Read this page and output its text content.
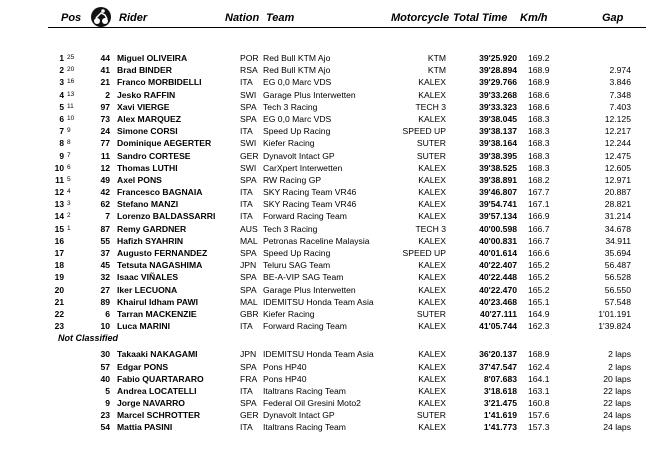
Pos	Rider	Nation Team	Motorcycle Total Time Km/h	Gap
1 25	44 Miguel OLIVEIRA	POR Red Bull KTM Ajo	KTM	39'25.920 169.2
2 20	41 Brad BINDER	RSA Red Bull KTM Ajo	KTM	39'28.894 168.9	2.974
3 16	21 Franco MORBIDELLI	ITA EG 0,0 Marc VDS	KALEX	39'29.766 168.9	3.846
4 13	2 Jesko RAFFIN	SWI Garage Plus Interwetten	KALEX	39'33.268 168.6	7.348
5 11	97 Xavi VIERGE	SPA Tech 3 Racing	TECH 3	39'33.323 168.6	7.403
6 10	73 Alex MARQUEZ	SPA EG 0,0 Marc VDS	KALEX	39'38.045 168.3	12.125
7 9	24 Simone CORSI	ITA Speed Up Racing	SPEED UP	39'38.137 168.3	12.217
8 8	77 Dominique AEGERTER	SWI Kiefer Racing	SUTER	39'38.164 168.3	12.244
9 7	11 Sandro CORTESE	GER Dynavolt Intact GP	SUTER	39'38.395 168.3	12.475
10 6	12 Thomas LUTHI	SWI CarXpert Interwetten	KALEX	39'38.525 168.3	12.605
11 5	49 Axel PONS	SPA RW Racing GP	KALEX	39'38.891 168.2	12.971
12 4	42 Francesco BAGNAIA	ITA SKY Racing Team VR46	KALEX	39'46.807 167.7	20.887
13 3	62 Stefano MANZI	ITA SKY Racing Team VR46	KALEX	39'54.741 167.1	28.821
14 2	7 Lorenzo BALDASSARRI	ITA Forward Racing Team	KALEX	39'57.134 166.9	31.214
15 1	87 Remy GARDNER	AUS Tech 3 Racing	TECH 3	40'00.598 166.7	34.678
16	55 Hafizh SYAHRIN	MAL Petronas Raceline Malaysia	KALEX	40'00.831 166.7	34.911
17	37 Augusto FERNANDEZ	SPA Speed Up Racing	SPEED UP	40'01.614 166.6	35.694
18	45 Tetsuta NAGASHIMA	JPN Teluru SAG Team	KALEX	40'22.407 165.2	56.487
19	32 Isaac VIÑALES	SPA BE-A-VIP SAG Team	KALEX	40'22.448 165.2	56.528
20	27 Iker LECUONA	SPA Garage Plus Interwetten	KALEX	40'22.470 165.2	56.550
21	89 Khairul Idham PAWI	MAL IDEMITSU Honda Team Asia	KALEX	40'23.468 165.1	57.548
22	6 Tarran MACKENZIE	GBR Kiefer Racing	SUTER	40'27.111 164.9	1'01.191
23	10 Luca MARINI	ITA Forward Racing Team	KALEX	41'05.744 162.3	1'39.824
Not Classified
30 Takaaki NAKAGAMI	JPN IDEMITSU Honda Team Asia	KALEX	36'20.137 168.9	2 laps
57 Edgar PONS	SPA Pons HP40	KALEX	37'47.547 162.4	2 laps
40 Fabio QUARTARARO	FRA Pons HP40	KALEX	8'07.683 164.1	20 laps
5 Andrea LOCATELLI	ITA Italtrans Racing Team	KALEX	3'18.618 163.1	22 laps
9 Jorge NAVARRO	SPA Federal Oil Gresini Moto2	KALEX	3'21.475 160.8	22 laps
23 Marcel SCHROTTER	GER Dynavolt Intact GP	SUTER	1'41.619 157.6	24 laps
54 Mattia PASINI	ITA Italtrans Racing Team	KALEX	1'41.773 157.3	24 laps
